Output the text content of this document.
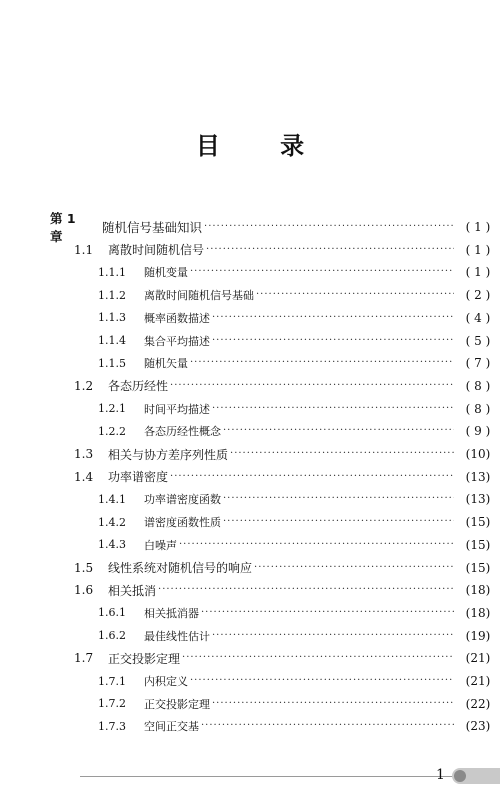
目 录
第 1 章
随机信号基础知识 ·····	( 1 )
1.1	离散时间随机信号 ·····	( 1 )
1.1.1	随机变量 ·····	( 1 )
1.1.2	离散时间随机信号基础 ·····	( 2 )
1.1.3	概率函数描述 ·····	( 4 )
1.1.4	集合平均描述 ·····	( 5 )
1.1.5	随机矢量 ·····	( 7 )
1.2	各态历经性 ·····	( 8 )
1.2.1	时间平均描述 ·····	( 8 )
1.2.2	各态历经性概念 ·····	( 9 )
1.3	相关与协方差序列性质 ·····	(10)
1.4	功率谱密度 ·····	(13)
1.4.1	功率谱密度函数 ·····	(13)
1.4.2	谱密度函数性质 ·····	(15)
1.4.3	白噪声 ·····	(15)
1.5	线性系统对随机信号的响应 ·····	(15)
1.6	相关抵消 ·····	(18)
1.6.1	相关抵消器 ·····	(18)
1.6.2	最佳线性估计 ·····	(19)
1.7	正交投影定理 ·····	(21)
1.7.1	内积定义 ·····	(21)
1.7.2	正交投影定理 ·····	(22)
1.7.3	空间正交基 ·····	(23)
1
